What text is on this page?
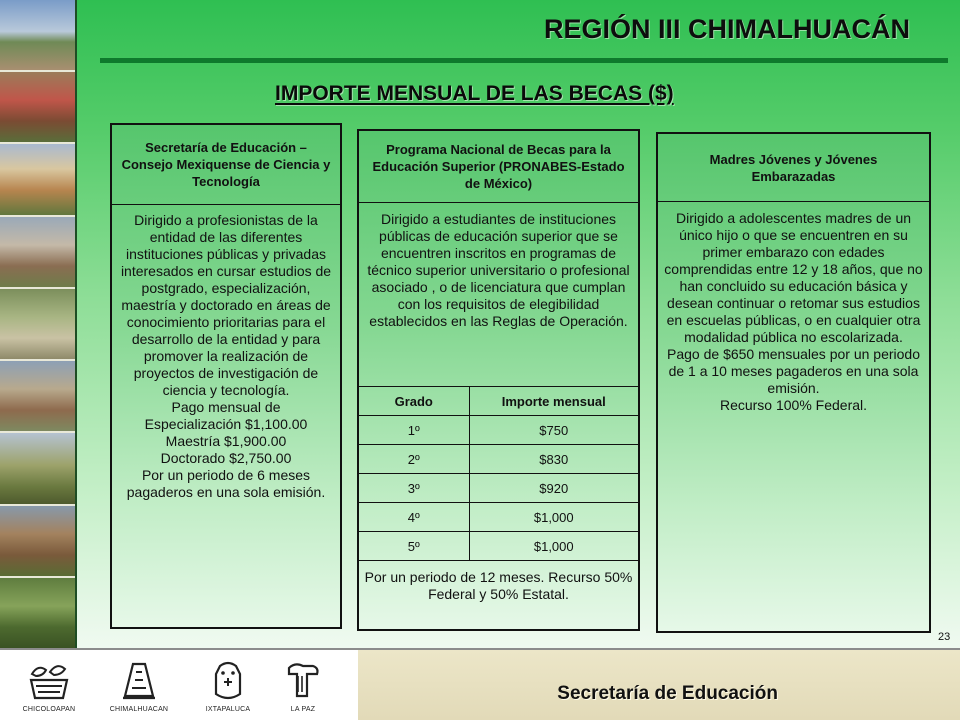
REGIÓN III CHIMALHUACÁN
IMPORTE MENSUAL DE LAS BECAS ($)
Secretaría de Educación – Consejo Mexiquense de Ciencia y Tecnología
Dirigido a profesionistas de la entidad de las diferentes instituciones públicas y privadas interesados en cursar estudios de postgrado, especialización, maestría y doctorado en áreas de conocimiento prioritarias para el desarrollo de la entidad y para promover la realización de proyectos de investigación de ciencia y tecnología.
Pago mensual de
Especialización $1,100.00
Maestría $1,900.00
Doctorado $2,750.00
Por un periodo de 6 meses pagaderos en una sola emisión.
Programa Nacional de Becas para la Educación Superior (PRONABES-Estado de México)
Dirigido a estudiantes de instituciones públicas de educación superior que se encuentren inscritos en programas de técnico superior universitario o profesional asociado , o de licenciatura que cumplan con los requisitos de elegibilidad establecidos en las Reglas de Operación.
Grado	Importe mensual
1º	$750
2º	$830
3º	$920
4º	$1,000
5º	$1,000
Por un periodo de 12 meses. Recurso 50% Federal y 50% Estatal.
Madres Jóvenes y Jóvenes Embarazadas
Dirigido a adolescentes madres de un único hijo o que se encuentren en su primer embarazo con edades comprendidas entre 12 y 18 años, que no han concluido su educación básica y desean continuar o retomar sus estudios en escuelas públicas, o en cualquier otra modalidad pública no escolarizada.
Pago de $650 mensuales por un periodo de 1 a 10 meses pagaderos en una sola emisión.
Recurso 100% Federal.
23
CHICOLOAPAN	CHIMALHUACAN	IXTAPALUCA	LA PAZ
Secretaría de Educación
